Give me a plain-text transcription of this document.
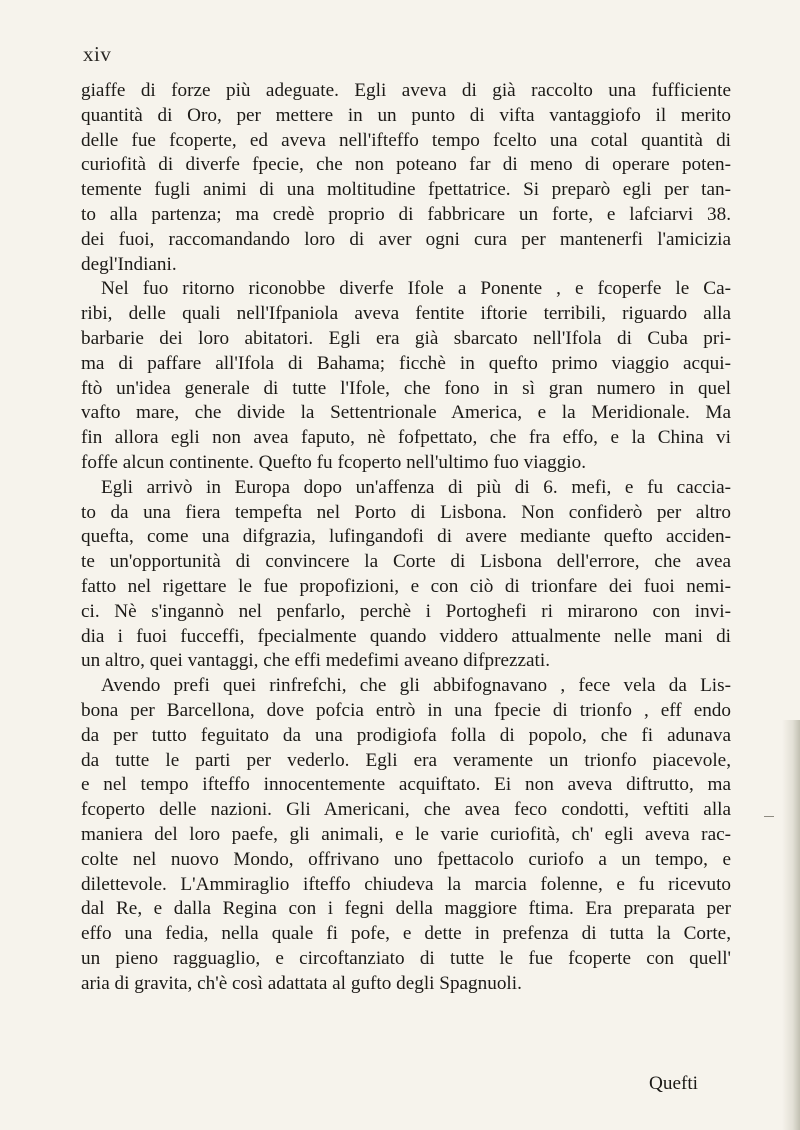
xiv
giaffe di forze più adeguate. Egli aveva di già raccolto una fufficiente
quantità di Oro, per mettere in un punto di vifta vantaggiofo il merito
delle fue fcoperte, ed aveva nell'ifteffo tempo fcelto una cotal quantità di
curiofità di diverfe fpecie, che non poteano far di meno di operare poten-
temente fugli animi di una moltitudine fpettatrice. Si preparò egli per tan-
to alla partenza; ma credè proprio di fabbricare un forte, e lafciarvi 38.
dei fuoi, raccomandando loro di aver ogni cura per mantenerfi l'amicizia
degl'Indiani.
Nel fuo ritorno riconobbe diverfe Ifole a Ponente , e fcoperfe le Ca-
ribi, delle quali nell'Ifpaniola aveva fentite iftorie terribili, riguardo alla
barbarie dei loro abitatori. Egli era già sbarcato nell'Ifola di Cuba pri-
ma di paffare all'Ifola di Bahama; ficchè in quefto primo viaggio acqui-
ftò un'idea generale di tutte l'Ifole, che fono in sì gran numero in quel
vafto mare, che divide la Settentrionale America, e la Meridionale. Ma
fin allora egli non avea faputo, nè fofpettato, che fra effo, e la China vi
foffe alcun continente. Quefto fu fcoperto nell'ultimo fuo viaggio.
Egli arrivò in Europa dopo un'affenza di più di 6. mefi, e fu caccia-
to da una fiera tempefta nel Porto di Lisbona. Non confiderò per altro
quefta, come una difgrazia, lufingandofi di avere mediante quefto acciden-
te un'opportunità di convincere la Corte di Lisbona dell'errore, che avea
fatto nel rigettare le fue propofizioni, e con ciò di trionfare dei fuoi nemi-
ci. Nè s'ingannò nel penfarlo, perchè i Portoghefi ri mirarono con invi-
dia i fuoi fucceffi, fpecialmente quando viddero attualmente nelle mani di
un altro, quei vantaggi, che effi medefimi aveano difprezzati.
Avendo prefi quei rinfrefchi, che gli abbifognavano , fece vela da Lis-
bona per Barcellona, dove pofcia entrò in una fpecie di trionfo , eff endo
da per tutto feguitato da una prodigiofa folla di popolo, che fi adunava
da tutte le parti per vederlo. Egli era veramente un trionfo piacevole,
e nel tempo ifteffo innocentemente acquiftato. Ei non aveva diftrutto, ma
fcoperto delle nazioni. Gli Americani, che avea feco condotti, veftiti alla
maniera del loro paefe, gli animali, e le varie curiofità, ch' egli aveva rac-
colte nel nuovo Mondo, offrivano uno fpettacolo curiofo a un tempo, e
dilettevole. L'Ammiraglio ifteffo chiudeva la marcia folenne, e fu ricevuto
dal Re, e dalla Regina con i fegni della maggiore ftima. Era preparata per
effo una fedia, nella quale fi pofe, e dette in prefenza di tutta la Corte,
un pieno ragguaglio, e circoftanziato di tutte le fue fcoperte con quell'
aria di gravita, ch'è così adattata al gufto degli Spagnuoli.
Quefti
